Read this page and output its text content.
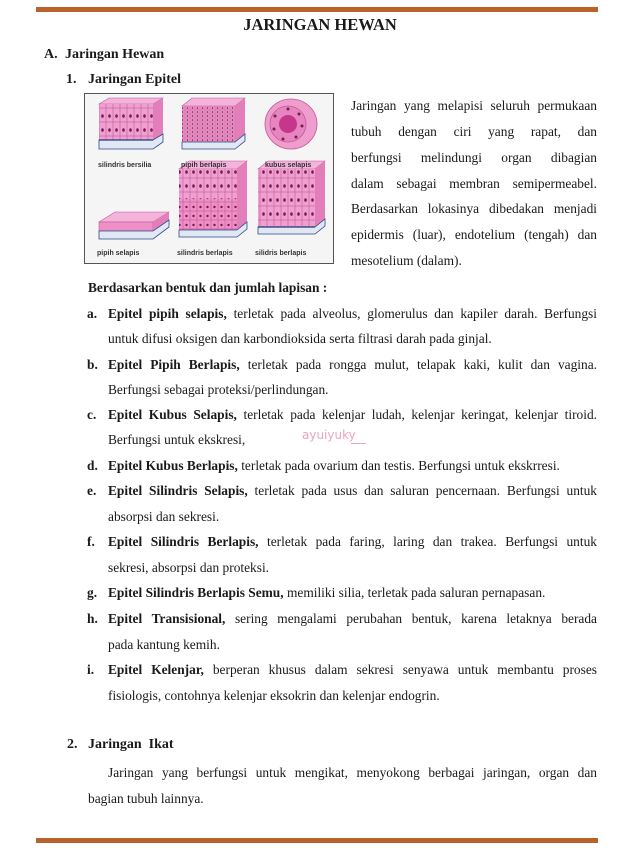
JARINGAN HEWAN
A. Jaringan Hewan
1. Jaringan Epitel
silindris bersilia	pipih berlapis	kubus selapis
pipih selapis	silindris berlapis	silidris berlapis
Jaringan yang melapisi seluruh permukaan
tubuh dengan ciri yang rapat, dan
berfungsi melindungi organ dibagian
dalam sebagai membran semipermeabel.
Berdasarkan lokasinya dibedakan menjadi
epidermis (luar), endotelium (tengah) dan
mesotelium (dalam).
Berdasarkan bentuk dan jumlah lapisan :
a. Epitel pipih selapis, terletak pada alveolus, glomerulus dan kapiler darah. Berfungsi
untuk difusi oksigen dan karbondioksida serta filtrasi darah pada ginjal.
b. Epitel Pipih Berlapis, terletak pada rongga mulut, telapak kaki, kulit dan vagina.
Berfungsi sebagai proteksi/perlindungan.
c. Epitel Kubus Selapis, terletak pada kelenjar ludah, kelenjar keringat, kelenjar tiroid.
Berfungsi untuk ekskresi,
d. Epitel Kubus Berlapis, terletak pada ovarium dan testis. Berfungsi untuk ekskrresi.
e. Epitel Silindris Selapis, terletak pada usus dan saluran pencernaan. Berfungsi untuk
absorpsi dan sekresi.
f. Epitel Silindris Berlapis, terletak pada faring, laring dan trakea. Berfungsi untuk
sekresi, absorpsi dan proteksi.
g. Epitel Silindris Berlapis Semu, memiliki silia, terletak pada saluran pernapasan.
h. Epitel Transisional, sering mengalami perubahan bentuk, karena letaknya berada
pada kantung kemih.
i. Epitel Kelenjar, berperan khusus dalam sekresi senyawa untuk membantu proses
fisiologis, contohnya kelenjar eksokrin dan kelenjar endogrin.
ayuiyuky
2. Jaringan  Ikat
Jaringan yang berfungsi untuk mengikat, menyokong berbagai jaringan, organ dan
bagian tubuh lainnya.
